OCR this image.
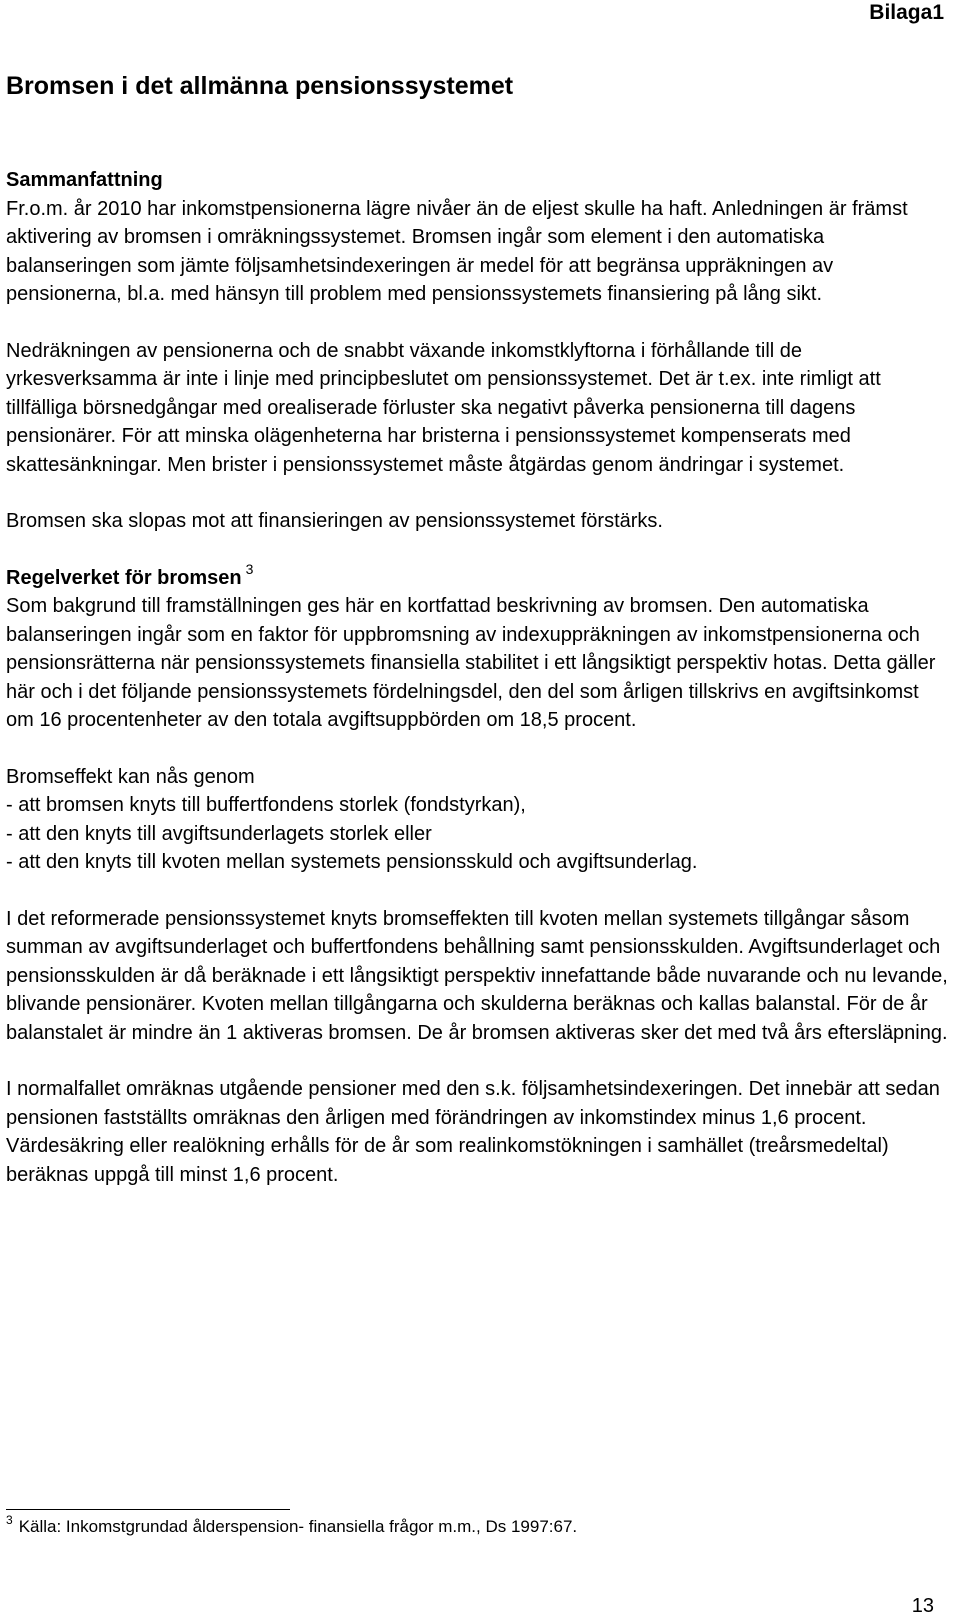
Bilaga1
Bromsen i det allmänna pensionssystemet
Sammanfattning

Fr.o.m. år 2010 har inkomstpensionerna lägre nivåer än de eljest skulle ha haft. Anledningen är främst aktivering av bromsen i omräkningssystemet. Bromsen ingår som element i den automatiska balanseringen som jämte följsamhetsindexeringen är medel för att begränsa uppräkningen av pensionerna, bl.a. med hänsyn till problem med pensionssystemets finansiering på lång sikt.

Nedräkningen av pensionerna och de snabbt växande inkomstklyftorna i förhållande till de yrkesverksamma är inte i linje med principbeslutet om pensionssystemet. Det är t.ex. inte rimligt att tillfälliga börsnedgångar med orealiserade förluster ska negativt påverka pensionerna till dagens pensionärer. För att minska olägenheterna har bristerna i pensionssystemet kompenserats med skattesänkningar. Men brister i pensionssystemet måste åtgärdas genom ändringar i systemet.

Bromsen ska slopas mot att finansieringen av pensionssystemet förstärks.

Regelverket för bromsen $^3$

Som bakgrund till framställningen ges här en kortfattad beskrivning av bromsen. Den automatiska balanseringen ingår som en faktor för uppbromsning av indexuppräkningen av inkomstpensionerna och pensionsrätterna när pensionssystemets finansiella stabilitet i ett långsiktigt perspektiv hotas. Detta gäller här och i det följande pensionssystemets fördelningsdel, den del som årligen tillskrivs en avgiftsinkomst om 16 procentenheter av den totala avgiftsuppbörden om 18,5 procent.

Bromseffekt kan nås genom
- att bromsen knyts till buffertfondens storlek (fondstyrkan),
- att den knyts till avgiftsunderlagets storlek eller
- att den knyts till kvoten mellan systemets pensionsskuld och avgiftsunderlag.

I det reformerade pensionssystemet knyts bromseffekten till kvoten mellan systemets tillgångar såsom summan av avgiftsunderlaget och buffertfondens behållning samt pensionsskulden. Avgiftsunderlaget och pensionsskulden är då beräknade i ett långsiktigt perspektiv innefattande både nuvarande och nu levande, blivande pensionärer. Kvoten mellan tillgångarna och skulderna beräknas och kallas balanstal. För de år balanstalet är mindre än 1 aktiveras bromsen. De år bromsen aktiveras sker det med två års eftersläpning.

I normalfallet omräknas utgående pensioner med den s.k. följsamhetsindexeringen. Det innebär att sedan pensionen fastställts omräknas den årligen med förändringen av inkomstindex minus 1,6 procent. Värdesäkring eller realökning erhålls för de år som realinkomstökningen i samhället (treårsmedeltal) beräknas uppgå till minst 1,6 procent.

$^3$ Källa: Inkomstgrundad ålderspension- finansiella frågor m.m., Ds 1997:67.
13
